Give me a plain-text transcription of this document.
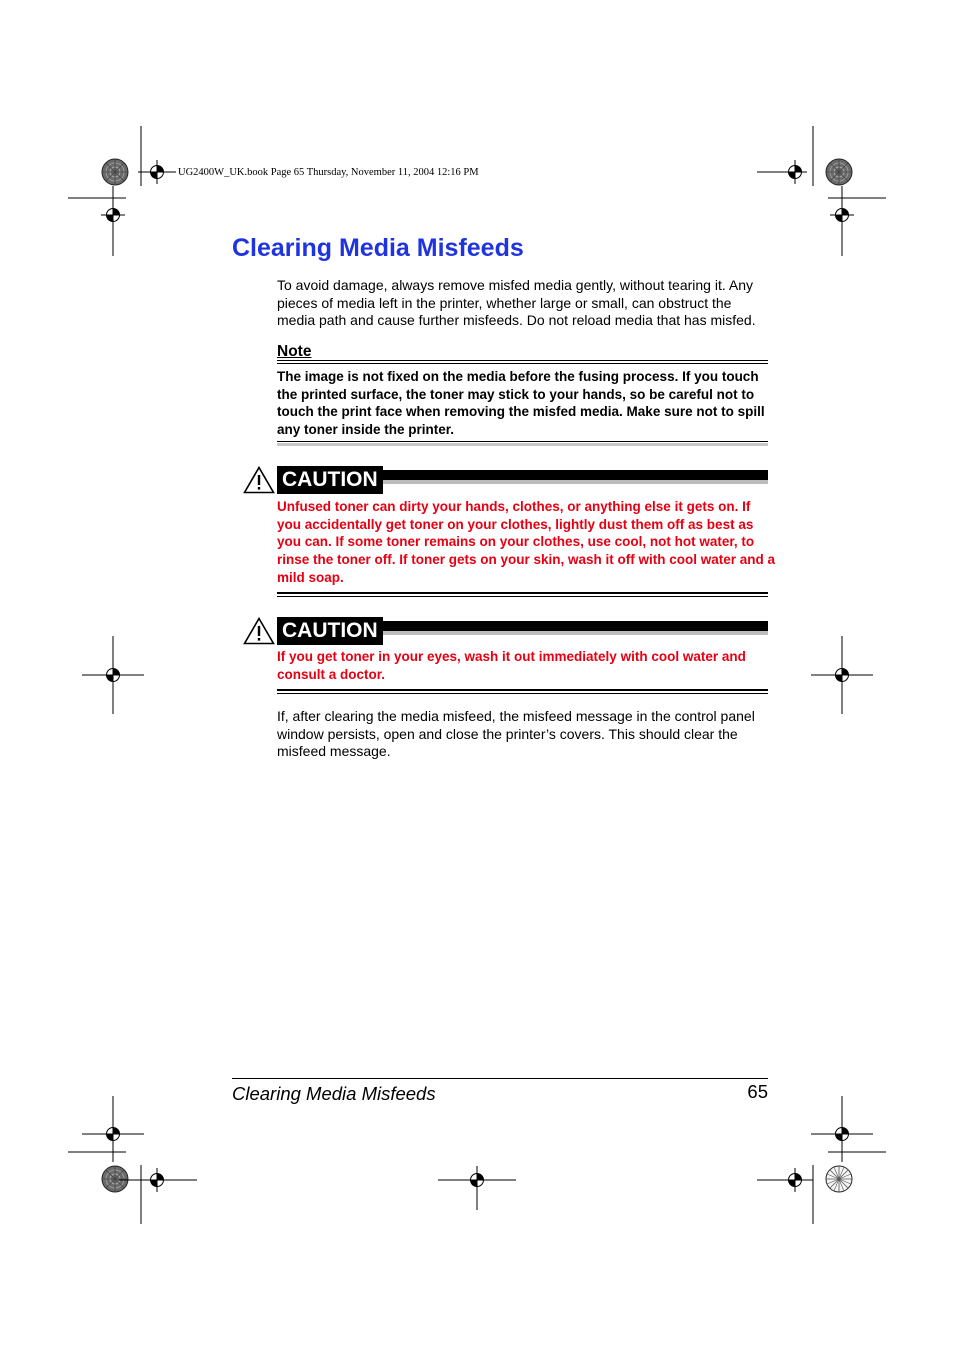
UG2400W_UK.book Page 65 Thursday, November 11, 2004 12:16 PM
Clearing Media Misfeeds

To avoid damage, always remove misfed media gently, without tearing it. Any pieces of media left in the printer, whether large or small, can obstruct the media path and cause further misfeeds. Do not reload media that has misfed.

Note

The image is not fixed on the media before the fusing process. If you touch the printed surface, the toner may stick to your hands, so be careful not to touch the print face when removing the misfed media. Make sure not to spill any toner inside the printer.

CAUTION

Unfused toner can dirty your hands, clothes, or anything else it gets on. If you accidentally get toner on your clothes, lightly dust them off as best as you can. If some toner remains on your clothes, use cool, not hot water, to rinse the toner off. If toner gets on your skin, wash it off with cool water and a mild soap.

CAUTION

If you get toner in your eyes, wash it out immediately with cool water and consult a doctor.

If, after clearing the media misfeed, the misfeed message in the control panel window persists, open and close the printer’s covers. This should clear the misfeed message.

Clearing Media Misfeeds	65
